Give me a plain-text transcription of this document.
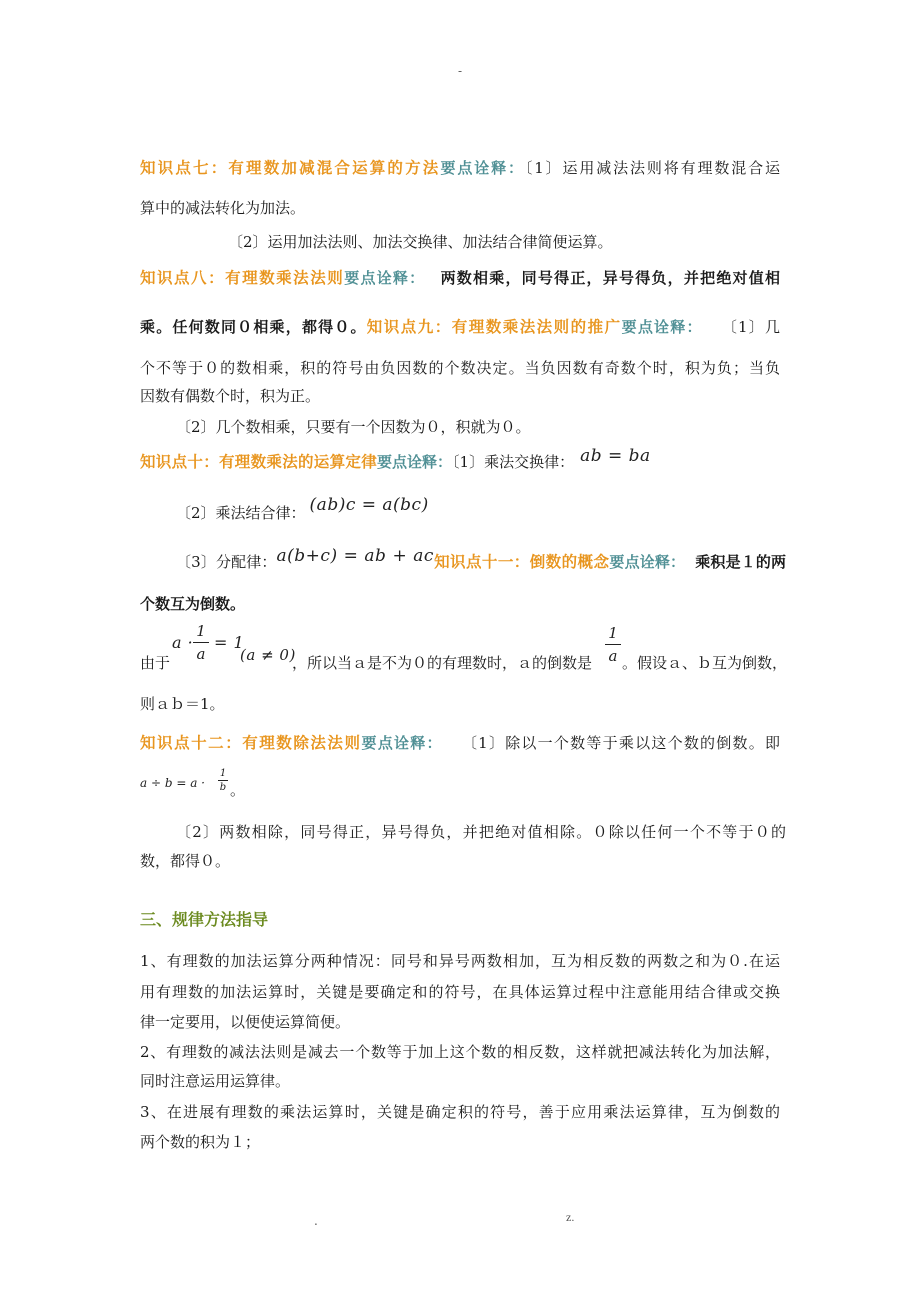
-
知识点七：有理数加减混合运算的方法要点诠释：〔1〕运用减法法则将有理数混合运
算中的减法转化为加法。
〔2〕运用加法法则、加法交换律、加法结合律简便运算。
知识点八：有理数乘法法则要点诠释： 两数相乘，同号得正，异号得负，并把绝对值相
乘。任何数同０相乘，都得０。知识点九：有理数乘法法则的推广要点诠释： 〔1〕几
个不等于０的数相乘，积的符号由负因数的个数决定。当负因数有奇数个时，积为负；当负
因数有偶数个时，积为正。
〔2〕几个数相乘，只要有一个因数为０，积就为０。
知识点十：有理数乘法的运算定律要点诠释：〔1〕乘法交换律： ab = ba
〔2〕乘法结合律： (ab)c = a(bc)
〔3〕分配律：a(b+c) = ab + ac知识点十一：倒数的概念要点诠释： 乘积是１的两
个数互为倒数。
由于
a ·
1
a
= 1
(a ≠ 0)
，所以当ａ是不为０的有理数时，ａ的倒数是
1
a 。假设ａ、ｂ互为倒数，
则ａｂ＝1。
知识点十二：有理数除法法则要点诠释： 〔1〕除以一个数等于乘以这个数的倒数。即
a ÷ b = a ·
1
b 。
〔2〕两数相除，同号得正，异号得负，并把绝对值相除。０除以任何一个不等于０的
数，都得０。
三、规律方法指导
1、有理数的加法运算分两种情况：同号和异号两数相加，互为相反数的两数之和为０.在运
用有理数的加法运算时，关键是要确定和的符号，在具体运算过程中注意能用结合律或交换
律一定要用，以便使运算简便。
2、有理数的减法法则是减去一个数等于加上这个数的相反数，这样就把减法转化为加法解，
同时注意运用运算律。
3、在进展有理数的乘法运算时，关键是确定积的符号，善于应用乘法运算律，互为倒数的
两个数的积为１；
.	z.
